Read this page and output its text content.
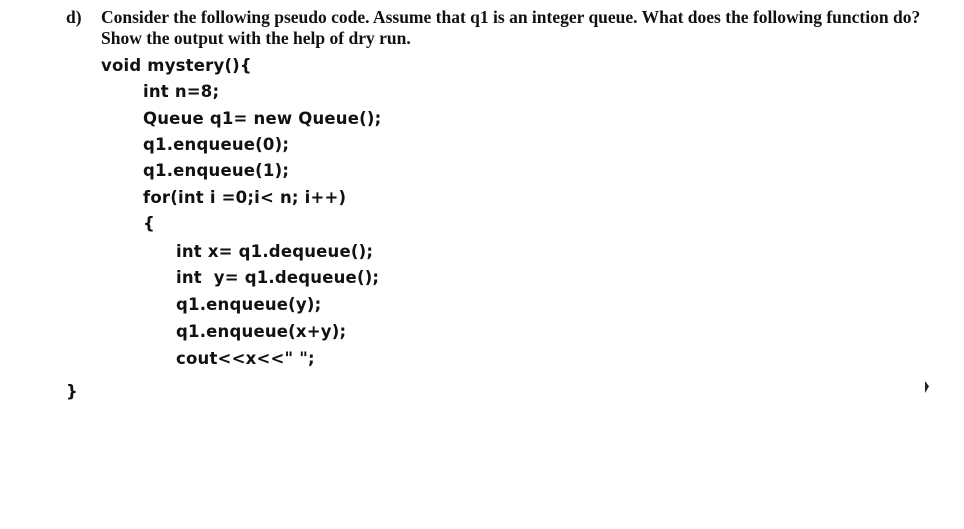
d) Consider the following pseudo code. Assume that q1 is an integer queue. What does the following function do? Show the output with the help of dry run.
void mystery(){
int n=8;
Queue q1= new Queue();
q1.enqueue(0);
q1.enqueue(1);
for(int i =0;i< n; i++)
{
int x= q1.dequeue();
int  y= q1.dequeue();
q1.enqueue(y);
q1.enqueue(x+y);
cout<<x<<" ";
}
